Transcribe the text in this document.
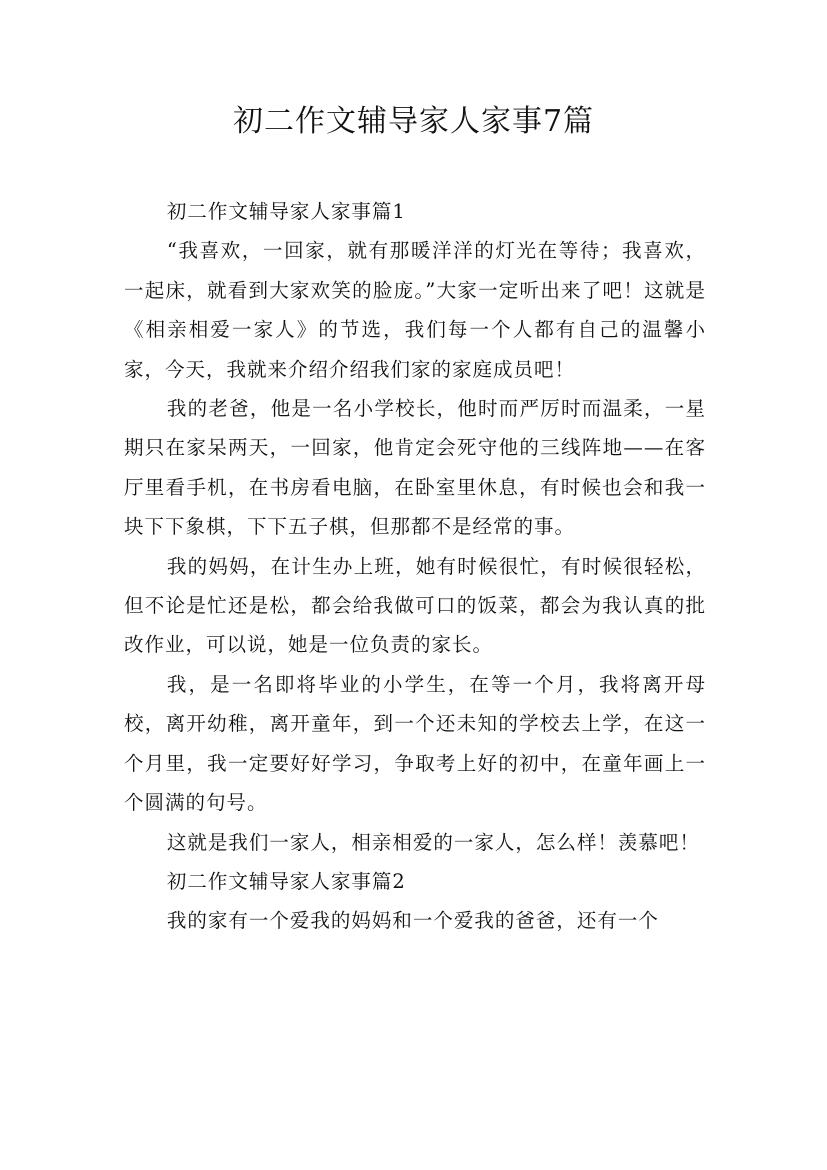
初二作文辅导家人家事7篇

初二作文辅导家人家事篇1

“我喜欢，一回家，就有那暖洋洋的灯光在等待；我喜欢，一起床，就看到大家欢笑的脸庞。”大家一定听出来了吧！这就是《相亲相爱一家人》的节选，我们每一个人都有自己的温馨小家，今天，我就来介绍介绍我们家的家庭成员吧！

我的老爸，他是一名小学校长，他时而严厉时而温柔，一星期只在家呆两天，一回家，他肯定会死守他的三线阵地——在客厅里看手机，在书房看电脑，在卧室里休息，有时候也会和我一块下下象棋，下下五子棋，但那都不是经常的事。

我的妈妈，在计生办上班，她有时候很忙，有时候很轻松，但不论是忙还是松，都会给我做可口的饭菜，都会为我认真的批改作业，可以说，她是一位负责的家长。

我，是一名即将毕业的小学生，在等一个月，我将离开母校，离开幼稚，离开童年，到一个还未知的学校去上学，在这一个月里，我一定要好好学习，争取考上好的初中，在童年画上一个圆满的句号。

这就是我们一家人，相亲相爱的一家人，怎么样！羡慕吧！

初二作文辅导家人家事篇2

我的家有一个爱我的妈妈和一个爱我的爸爸，还有一个
